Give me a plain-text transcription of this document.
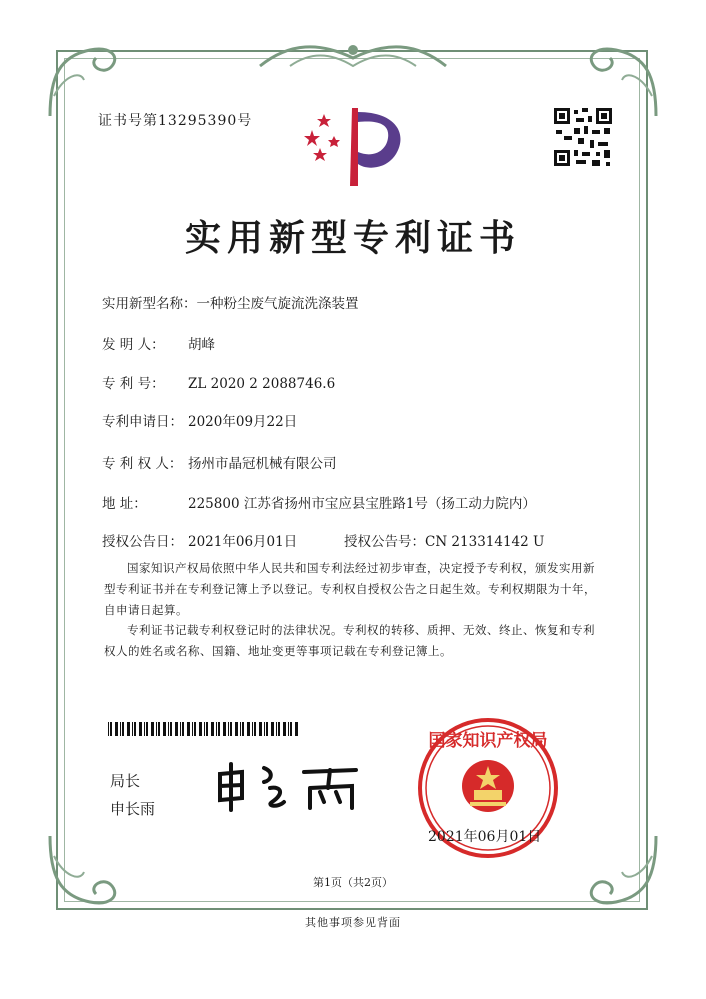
证书号第13295390号
实用新型专利证书
实用新型名称：一种粉尘废气旋流洗涤装置
发 明 人： 胡峰
专 利 号： ZL 2020 2 2088746.6
专利申请日： 2020年09月22日
专 利 权 人： 扬州市晶冠机械有限公司
地 址：	225800 江苏省扬州市宝应县宝胜路1号（扬工动力院内）
授权公告日： 2021年06月01日	授权公告号：CN 213314142 U
国家知识产权局依照中华人民共和国专利法经过初步审查，决定授予专利权，颁发实用新型专利证书并在专利登记簿上予以登记。专利权自授权公告之日起生效。专利权期限为十年，自申请日起算。
专利证书记载专利权登记时的法律状况。专利权的转移、质押、无效、终止、恢复和专利权人的姓名或名称、国籍、地址变更等事项记载在专利登记簿上。
局长
申长雨
国家知识产权局
2021年06月01日
第1页（共2页）
其他事项参见背面
